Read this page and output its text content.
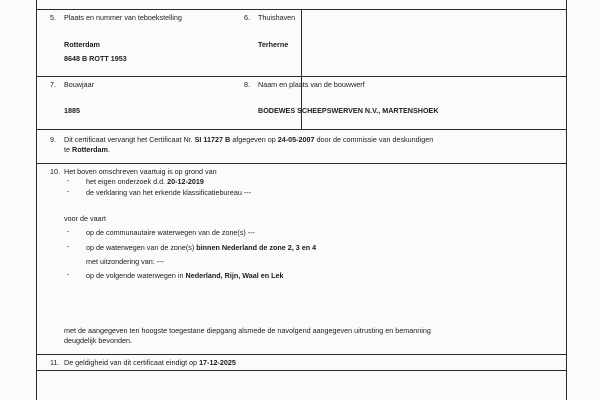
5. Plaats en nummer van teboekstelling
Rotterdam
8648 B ROTT 1953
6. Thuishaven
Terherne
7. Bouwjaar
1885
8. Naam en plaats van de bouwwerf
BODEWES SCHEEPSWERVEN N.V., MARTENSHOEK
9. Dit certificaat vervangt het Certificaat Nr. SI 11727 B afgegeven op 24-05-2007 door de commissie van deskundigen
te Rotterdam.
10. Het boven omschreven vaartuig is op grond van
- het eigen onderzoek d.d. 20-12-2019
- de verklaring van het erkende klassificatiebureau ---
voor de vaart
- op de communautaire waterwegen van de zone(s) ---
- op de waterwegen van de zone(s) binnen Nederland de zone 2, 3 en 4
met uitzondering van: ---
- op de volgende waterwegen in Nederland, Rijn, Waal en Lek
met de aangegeven ten hoogste toegestane diepgang alsmede de navolgend aangegeven uitrusting en bemanning
deugdelijk bevonden.
11. De geldigheid van dit certificaat eindigt op 17-12-2025
